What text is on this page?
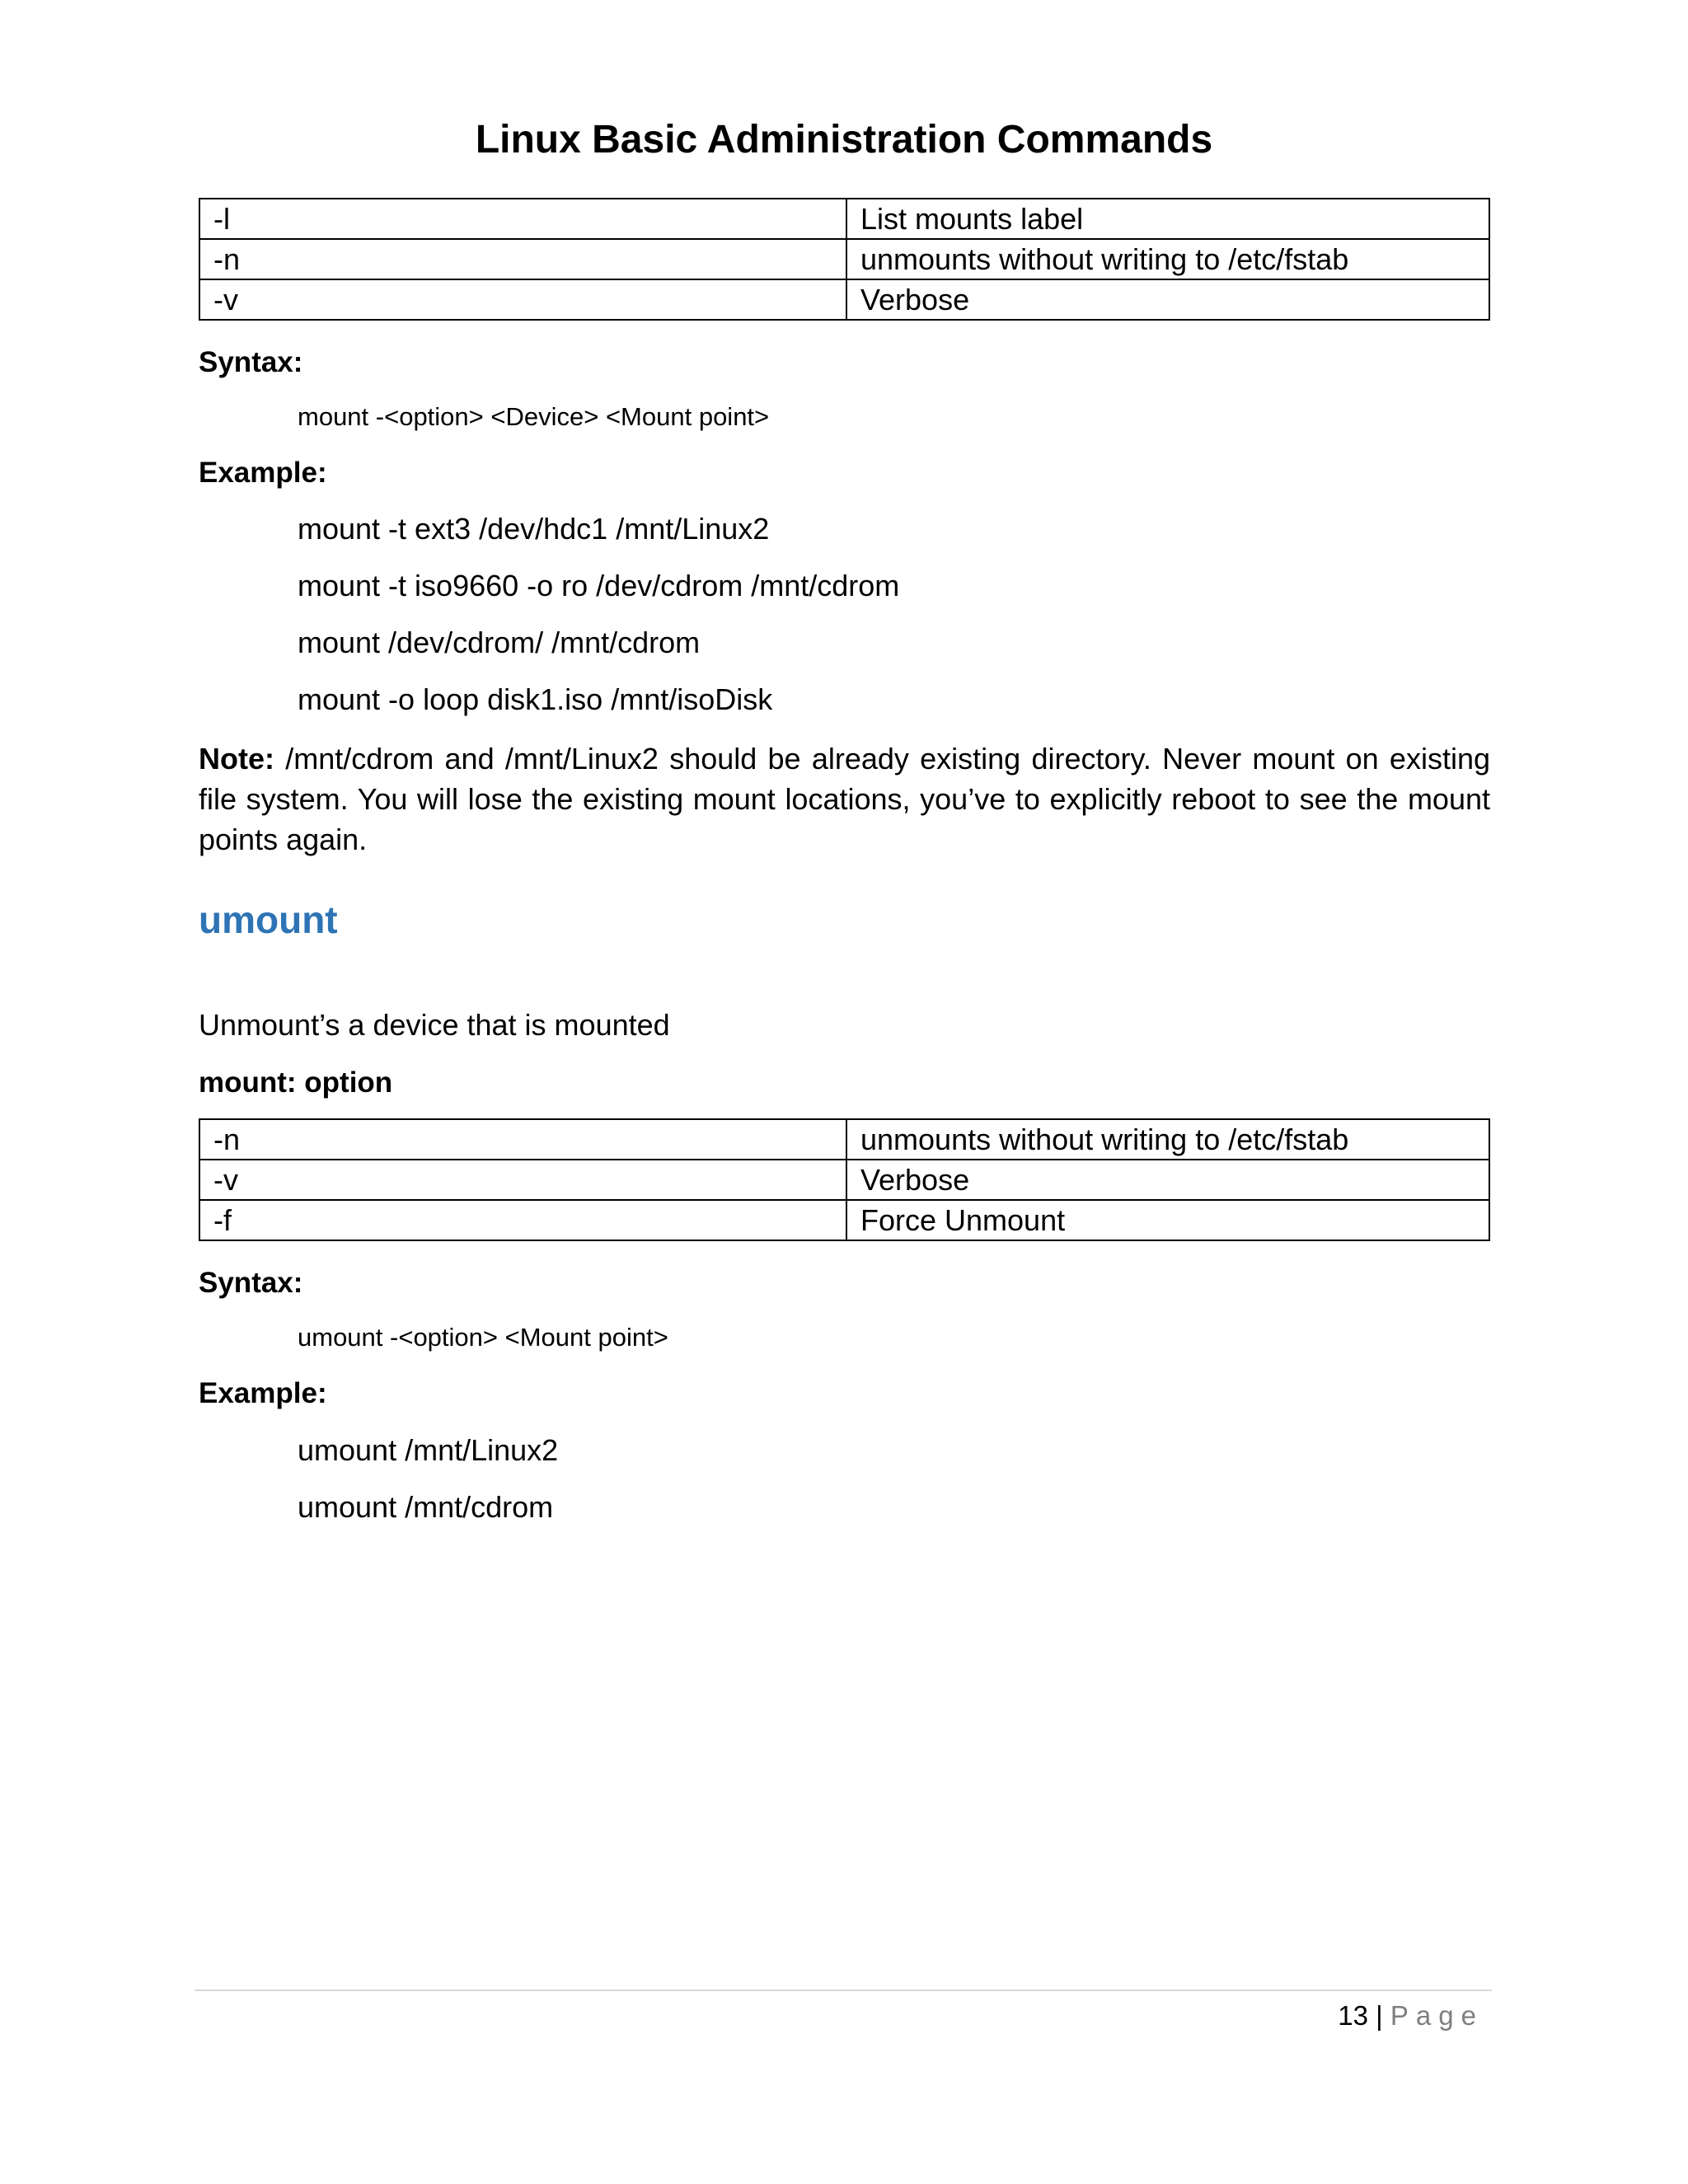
Linux Basic Administration Commands
-l	List mounts label
-n	unmounts without writing to /etc/fstab
-v	Verbose
Syntax:
mount -<option> <Device> <Mount point>
Example:
mount -t ext3 /dev/hdc1 /mnt/Linux2
mount -t iso9660 -o ro /dev/cdrom /mnt/cdrom
mount /dev/cdrom/ /mnt/cdrom
mount -o loop disk1.iso /mnt/isoDisk
Note: /mnt/cdrom and /mnt/Linux2 should be already existing directory. Never mount on existing file system. You will lose the existing mount locations, you’ve to explicitly reboot to see the mount points again.
umount
Unmount’s a device that is mounted
mount: option
-n	unmounts without writing to /etc/fstab
-v	Verbose
-f	Force Unmount
Syntax:
umount -<option> <Mount point>
Example:
umount /mnt/Linux2
umount /mnt/cdrom
13 | Page
